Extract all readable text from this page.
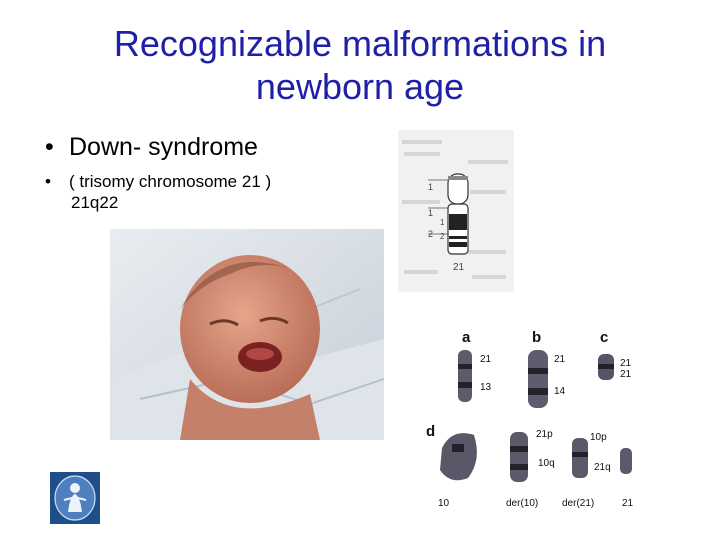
Recognizable malformations in
newborn age
• Down- syndrome
• ( trisomy chromosome 21 )
21q22
1
1
1
2 2
21
a	b	c
d
21
13
21
14
21
21
21p	10p
10q	21q
10	der(10) der(21)	21
